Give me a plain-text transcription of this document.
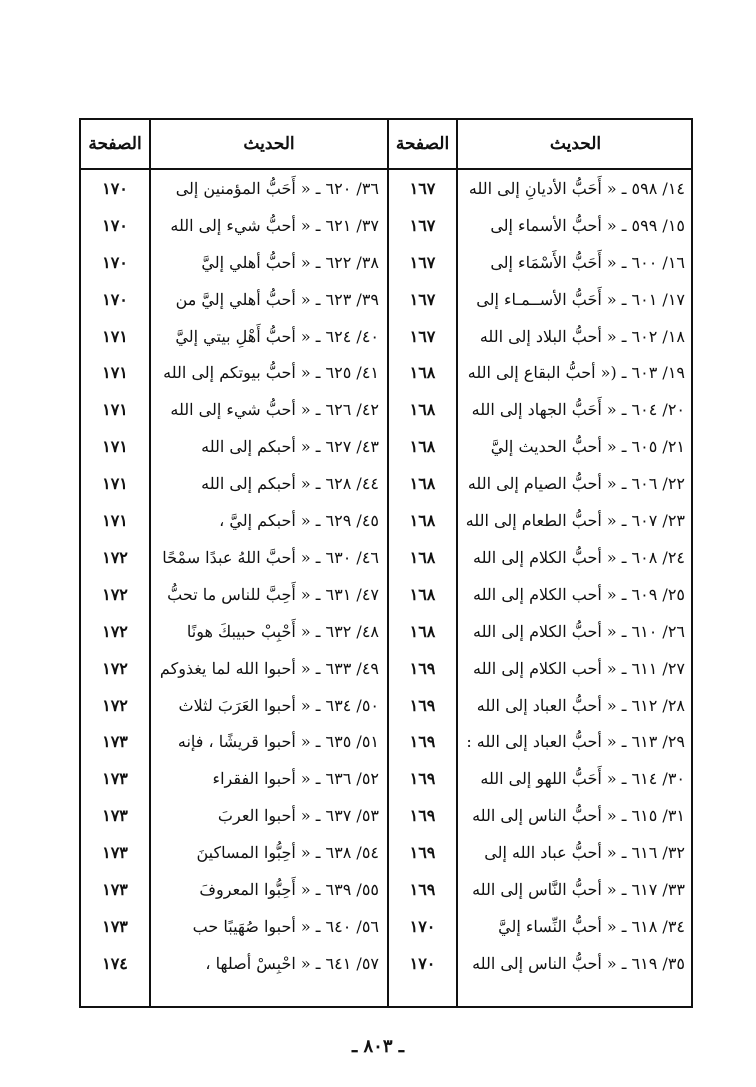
الحديث
الصفحة
الحديث
الصفحة
١٤/ ٥٩٨ ـ « أَحَبُّ الأديانِ إلى الله
١٦٧
٣٦/ ٦٢٠ ـ « أَحَبُّ المؤمنين إلى
١٧٠
١٥/ ٥٩٩ ـ « أحبُّ الأسماء إلى
١٦٧
٣٧/ ٦٢١ ـ « أحبُّ شيء إلى الله
١٧٠
١٦/ ٦٠٠ ـ « أَحَبُّ الأَسْمَاء إلى
١٦٧
٣٨/ ٦٢٢ ـ « أحبُّ أهلي إليَّ
١٧٠
١٧/ ٦٠١ ـ « أَحَبُّ الأســمـاء إلى
١٦٧
٣٩/ ٦٢٣ ـ « أحبُّ أهلي إليَّ من
١٧٠
١٨/ ٦٠٢ ـ « أحبُّ البلاد إلى الله
١٦٧
٤٠/ ٦٢٤ ـ « أحبُّ أَهْلِ بيتي إليَّ
١٧١
١٩/ ٦٠٣ ـ (« أحبُّ البقاع إلى الله
١٦٨
٤١/ ٦٢٥ ـ « أحبُّ بيوتكم إلى الله
١٧١
٢٠/ ٦٠٤ ـ « أَحَبُّ الجهاد إلى الله
١٦٨
٤٢/ ٦٢٦ ـ « أحبُّ شيء إلى الله
١٧١
٢١/ ٦٠٥ ـ « أحبُّ الحديث إليَّ
١٦٨
٤٣/ ٦٢٧ ـ « أحبكم إلى الله
١٧١
٢٢/ ٦٠٦ ـ « أحبُّ الصيام إلى الله
١٦٨
٤٤/ ٦٢٨ ـ « أحبكم إلى الله
١٧١
٢٣/ ٦٠٧ ـ « أحبُّ الطعام إلى الله
١٦٨
٤٥/ ٦٢٩ ـ « أحبكم إليَّ ،
١٧١
٢٤/ ٦٠٨ ـ « أحبُّ الكلام إلى الله
١٦٨
٤٦/ ٦٣٠ ـ « أحبَّ اللهُ عبدًا سمْحًا
١٧٢
٢٥/ ٦٠٩ ـ « أحب الكلام إلى الله
١٦٨
٤٧/ ٦٣١ ـ « أَحِبَّ للناس ما تحبُّ
١٧٢
٢٦/ ٦١٠ ـ « أحبُّ الكلام إلى الله
١٦٨
٤٨/ ٦٣٢ ـ « أَحْبِبْ حبيبكَ هونًا
١٧٢
٢٧/ ٦١١ ـ « أحب الكلام إلى الله
١٦٩
٤٩/ ٦٣٣ ـ « أحبوا الله لما يغذوكم
١٧٢
٢٨/ ٦١٢ ـ « أحبُّ العباد إلى الله
١٦٩
٥٠/ ٦٣٤ ـ « أحبوا العَرَبَ لثلاث
١٧٢
٢٩/ ٦١٣ ـ « أحبُّ العباد إلى الله :
١٦٩
٥١/ ٦٣٥ ـ « أحبوا قريشًا ، فإنه
١٧٣
٣٠/ ٦١٤ ـ « أَحَبُّ اللهو إلى الله
١٦٩
٥٢/ ٦٣٦ ـ « أحبوا الفقراء
١٧٣
٣١/ ٦١٥ ـ « أحبُّ الناس إلى الله
١٦٩
٥٣/ ٦٣٧ ـ « أحبوا العربَ
١٧٣
٣٢/ ٦١٦ ـ « أحبُّ عباد الله إلى
١٦٩
٥٤/ ٦٣٨ ـ « أحِبُّوا المساكينَ
١٧٣
٣٣/ ٦١٧ ـ « أحبُّ النَّاس إلى الله
١٦٩
٥٥/ ٦٣٩ ـ « أَحِبُّوا المعروفَ
١٧٣
٣٤/ ٦١٨ ـ « أحبُّ النِّساء إليَّ
١٧٠
٥٦/ ٦٤٠ ـ « أحبوا صُهَيبًا حب
١٧٣
٣٥/ ٦١٩ ـ « أحبُّ الناس إلى الله
١٧٠
٥٧/ ٦٤١ ـ « احْبِسْ أصلها ،
١٧٤
ـ ٨٠٣ ـ
